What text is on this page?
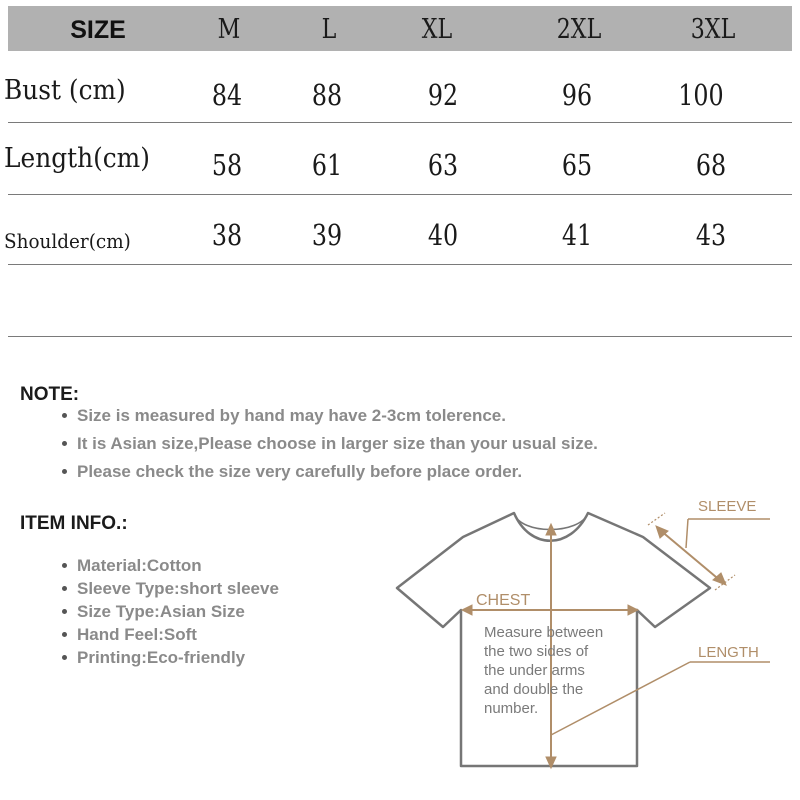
SIZE	M	L	XL	2XL	3XL
Bust (cm)	84	88	92	96	100
Length(cm)	58	61	63	65	68
Shoulder(cm)	38	39	40	41	43
NOTE:
Size is measured by hand may have 2-3cm tolerence.
It is Asian size,Please choose in larger size than your usual size.
Please check the size very carefully before place order.
ITEM INFO.:
Material:Cotton
Sleeve Type:short sleeve
Size Type:Asian Size
Hand Feel:Soft
Printing:Eco-friendly
SLEEVE
CHEST
LENGTH
Measure between
the two sides of
the under arms
and double the
number.
